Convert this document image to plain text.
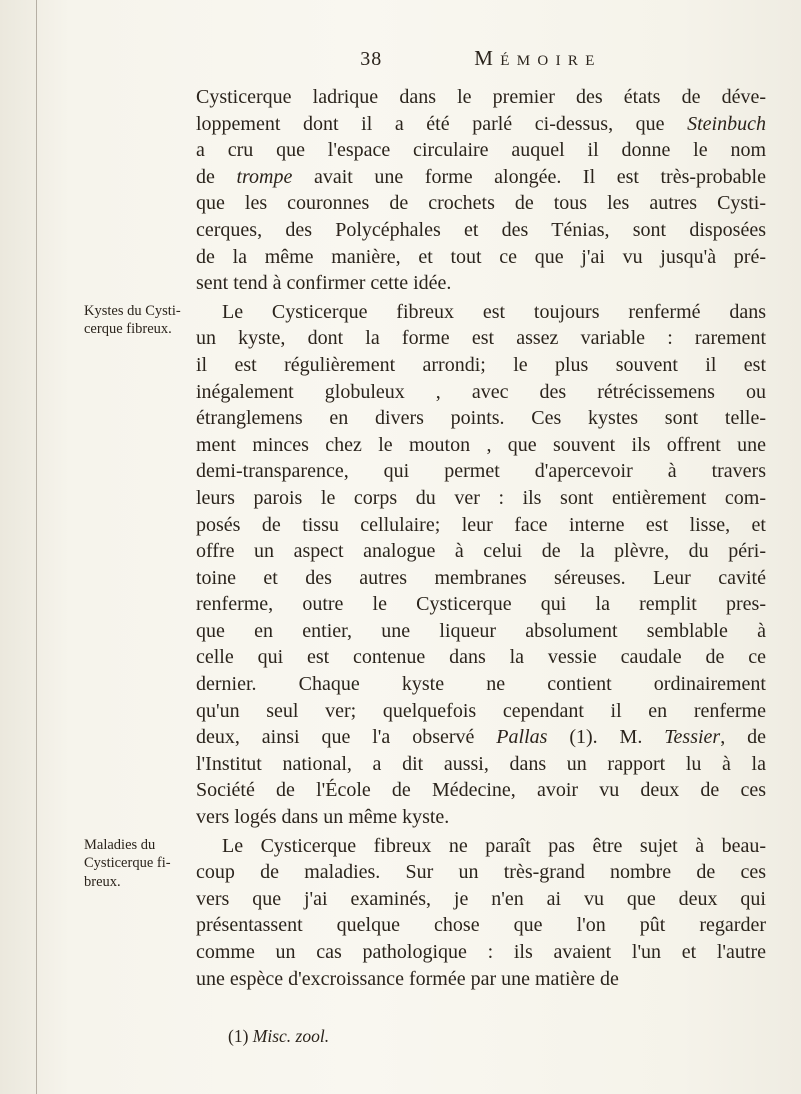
38	Mémoire
Cysticerque ladrique dans le premier des états de déve-
loppement dont il a été parlé ci-dessus, que Steinbuch
a cru que l'espace circulaire auquel il donne le nom
de trompe avait une forme alongée. Il est très-probable
que les couronnes de crochets de tous les autres Cysti-
cerques, des Polycéphales et des Ténias, sont disposées
de la même manière, et tout ce que j'ai vu jusqu'à pré-
sent tend à confirmer cette idée.
Kystes du Cysti-
cerque fibreux.
Le Cysticerque fibreux est toujours renfermé dans
un kyste, dont la forme est assez variable : rarement
il est régulièrement arrondi; le plus souvent il est
inégalement globuleux , avec des rétrécissemens ou
étranglemens en divers points. Ces kystes sont telle-
ment minces chez le mouton , que souvent ils offrent une
demi-transparence, qui permet d'apercevoir à travers
leurs parois le corps du ver : ils sont entièrement com-
posés de tissu cellulaire; leur face interne est lisse, et
offre un aspect analogue à celui de la plèvre, du péri-
toine et des autres membranes séreuses. Leur cavité
renferme, outre le Cysticerque qui la remplit pres-
que en entier, une liqueur absolument semblable à
celle qui est contenue dans la vessie caudale de ce
dernier. Chaque kyste ne contient ordinairement
qu'un seul ver; quelquefois cependant il en renferme
deux, ainsi que l'a observé Pallas (1). M. Tessier, de
l'Institut national, a dit aussi, dans un rapport lu à la
Société de l'École de Médecine, avoir vu deux de ces
vers logés dans un même kyste.
Maladies du
Cysticerque fi-
breux.
Le Cysticerque fibreux ne paraît pas être sujet à beau-
coup de maladies. Sur un très-grand nombre de ces
vers que j'ai examinés, je n'en ai vu que deux qui
présentassent quelque chose que l'on pût regarder
comme un cas pathologique : ils avaient l'un et l'autre
une espèce d'excroissance formée par une matière de
(1) Misc. zool.
